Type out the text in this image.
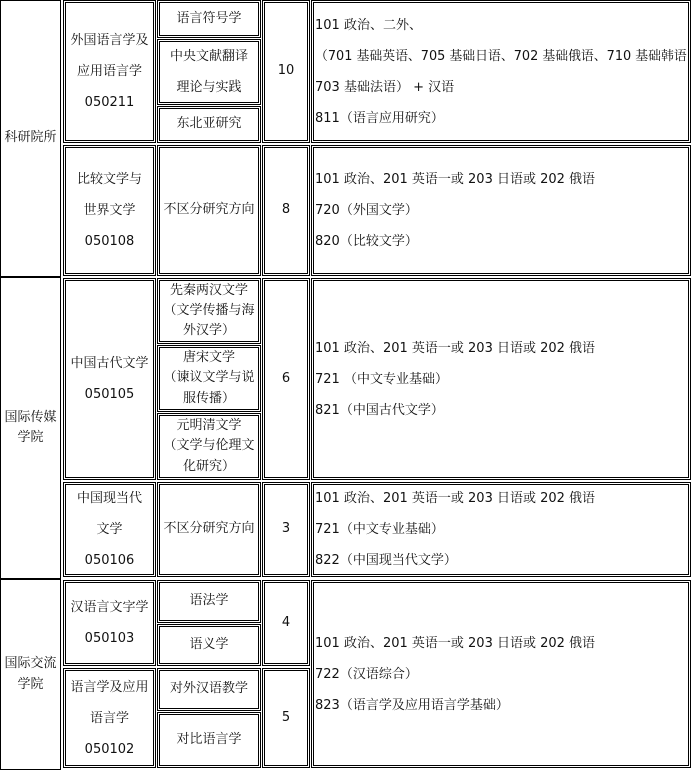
科研院所
国际传媒
学院
国际交流
学院
外国语言学及
应用语言学
050211
比较文学与
世界文学
050108
中国古代文学
050105
中国现当代
文学
050106
汉语言文字学
050103
语言学及应用
语言学
050102
语言符号学
中央文献翻译
理论与实践
东北亚研究
不区分研究方向
先秦两汉文学
（文学传播与海
外汉学）
唐宋文学
（谏议文学与说
服传播）
元明清文学
（文学与伦理文
化研究）
不区分研究方向
语法学
语义学
对外汉语教学
对比语言学
10
8
6
3
4
5
101 政治、二外、
（701 基础英语、705 基础日语、702 基础俄语、710 基础韩语
703 基础法语） + 汉语
811（语言应用研究）
101 政治、201 英语一或 203 日语或 202 俄语
720（外国文学）
820（比较文学）
101 政治、201 英语一或 203 日语或 202 俄语
721 （中文专业基础）
821（中国古代文学）
101 政治、201 英语一或 203 日语或 202 俄语
721（中文专业基础）
822（中国现当代文学）
101 政治、201 英语一或 203 日语或 202 俄语
722（汉语综合）
823（语言学及应用语言学基础）
